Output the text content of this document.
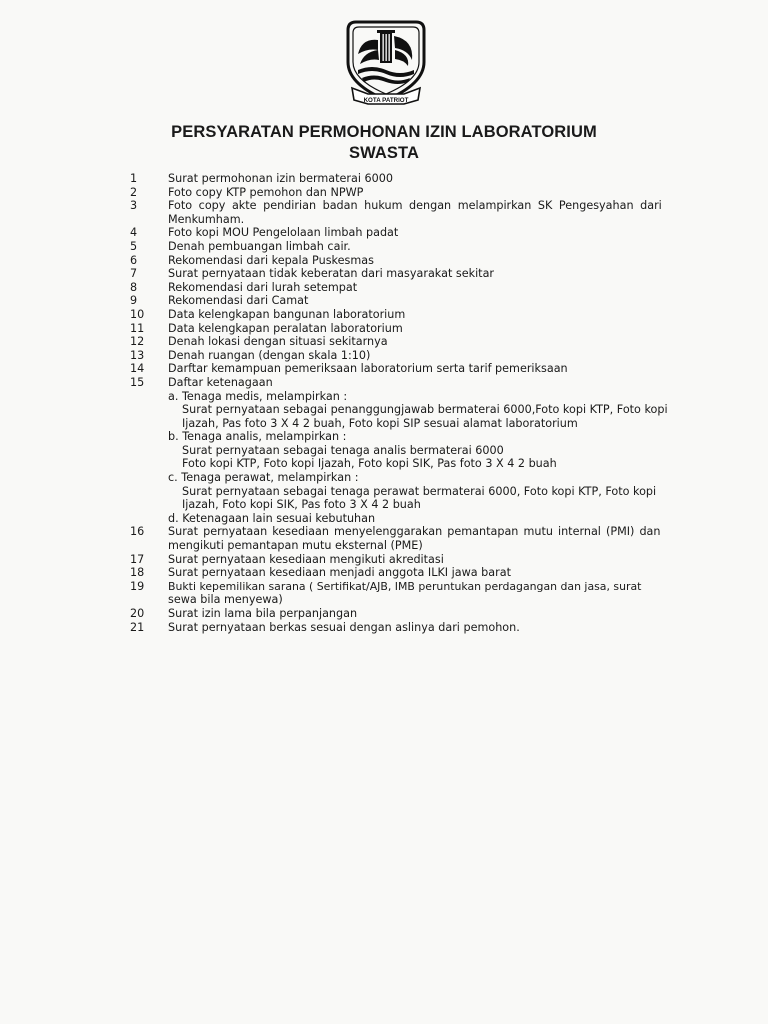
KOTA PATRIOT
PERSYARATAN PERMOHONAN IZIN LABORATORIUM
SWASTA
1	Surat permohonan izin bermaterai 6000
2	Foto copy KTP pemohon dan NPWP
3	Foto copy akte pendirian badan hukum dengan melampirkan SK Pengesyahan dari
Menkumham.
4	Foto kopi MOU Pengelolaan limbah padat
5	Denah pembuangan limbah cair.
6	Rekomendasi dari kepala Puskesmas
7	Surat pernyataan tidak keberatan dari masyarakat sekitar
8	Rekomendasi dari lurah setempat
9	Rekomendasi dari Camat
10	Data kelengkapan bangunan laboratorium
11	Data kelengkapan peralatan laboratorium
12	Denah lokasi dengan situasi sekitarnya
13	Denah ruangan (dengan skala 1:10)
14	Darftar kemampuan pemeriksaan laboratorium serta tarif pemeriksaan
15	Daftar ketenagaan
a. Tenaga medis, melampirkan :
Surat pernyataan sebagai penanggungjawab bermaterai 6000,Foto kopi KTP, Foto kopi
Ijazah, Pas foto 3 X 4 2 buah, Foto kopi SIP sesuai alamat laboratorium
b. Tenaga analis, melampirkan :
Surat pernyataan sebagai tenaga analis bermaterai 6000
Foto kopi KTP, Foto kopi Ijazah, Foto kopi SIK, Pas foto 3 X 4 2 buah
c. Tenaga perawat, melampirkan :
Surat pernyataan sebagai tenaga perawat bermaterai 6000, Foto kopi KTP, Foto kopi
Ijazah, Foto kopi SIK, Pas foto 3 X 4 2 buah
d. Ketenagaan lain sesuai kebutuhan
16	Surat pernyataan kesediaan menyelenggarakan pemantapan mutu internal (PMI) dan
mengikuti pemantapan mutu eksternal (PME)
17	Surat pernyataan kesediaan mengikuti akreditasi
18	Surat pernyataan kesediaan menjadi anggota ILKI jawa barat
19	Bukti kepemilikan sarana ( Sertifikat/AJB, IMB peruntukan perdagangan dan jasa, surat
sewa bila menyewa)
20	Surat izin lama bila perpanjangan
21	Surat pernyataan berkas sesuai dengan aslinya dari pemohon.
